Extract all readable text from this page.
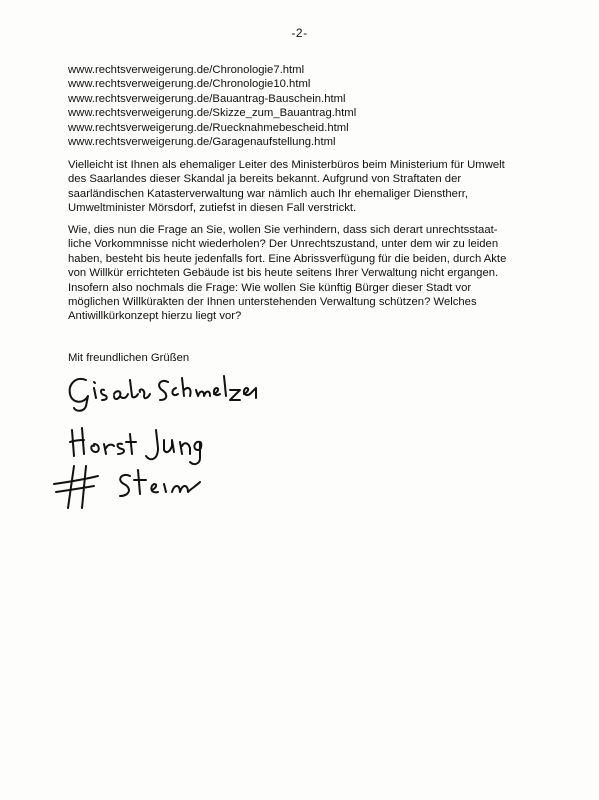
-2-
www.rechtsverweigerung.de/Chronologie7.html
www.rechtsverweigerung.de/Chronologie10.html
www.rechtsverweigerung.de/Bauantrag-Bauschein.html
www.rechtsverweigerung.de/Skizze_zum_Bauantrag.html
www.rechtsverweigerung.de/Ruecknahmebescheid.html
www.rechtsverweigerung.de/Garagenaufstellung.html
Vielleicht ist Ihnen als ehemaliger Leiter des Ministerbüros beim Ministerium für Umwelt
des Saarlandes dieser Skandal ja bereits bekannt. Aufgrund von Straftaten der
saarländischen Katasterverwaltung war nämlich auch Ihr ehemaliger Dienstherr,
Umweltminister Mörsdorf, zutiefst in diesen Fall verstrickt.
Wie, dies nun die Frage an Sie, wollen Sie verhindern, dass sich derart unrechtsstaat-
liche Vorkommnisse nicht wiederholen? Der Unrechtszustand, unter dem wir zu leiden
haben, besteht bis heute jedenfalls fort. Eine Abrissverfügung für die beiden, durch Akte
von Willkür errichteten Gebäude ist bis heute seitens Ihrer Verwaltung nicht ergangen.
Insofern also nochmals die Frage: Wie wollen Sie künftig Bürger dieser Stadt vor
möglichen Willkürakten der Ihnen unterstehenden Verwaltung schützen? Welches
Antiwillkürkonzept hierzu liegt vor?
Mit freundlichen Grüßen
